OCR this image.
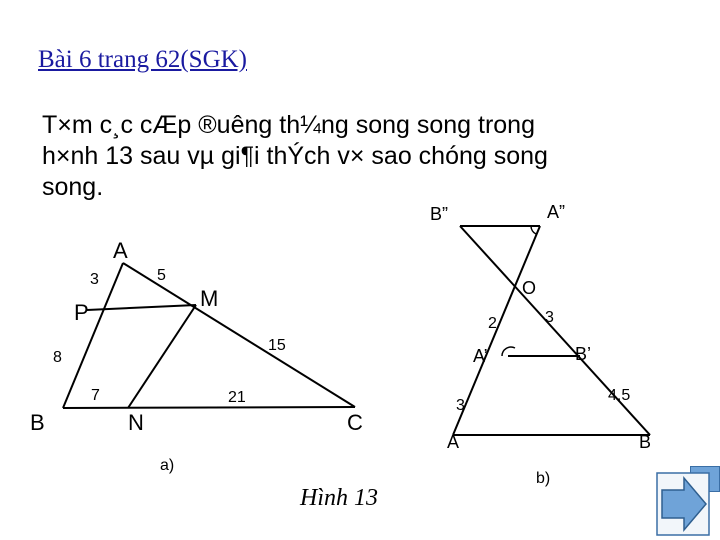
Bài 6 trang 62(SGK)
T×m c¸c cÆp ®uêng th¼ng song song trong
h×nh 13 sau vµ gi¶i thÝch v× sao chóng song
song.
A
B	C
P
M
N
3	5
8
15
7	21
a)
B”	A”
O
A’	B’
A	B
2	3
3
4,5
b)
Hình 13
